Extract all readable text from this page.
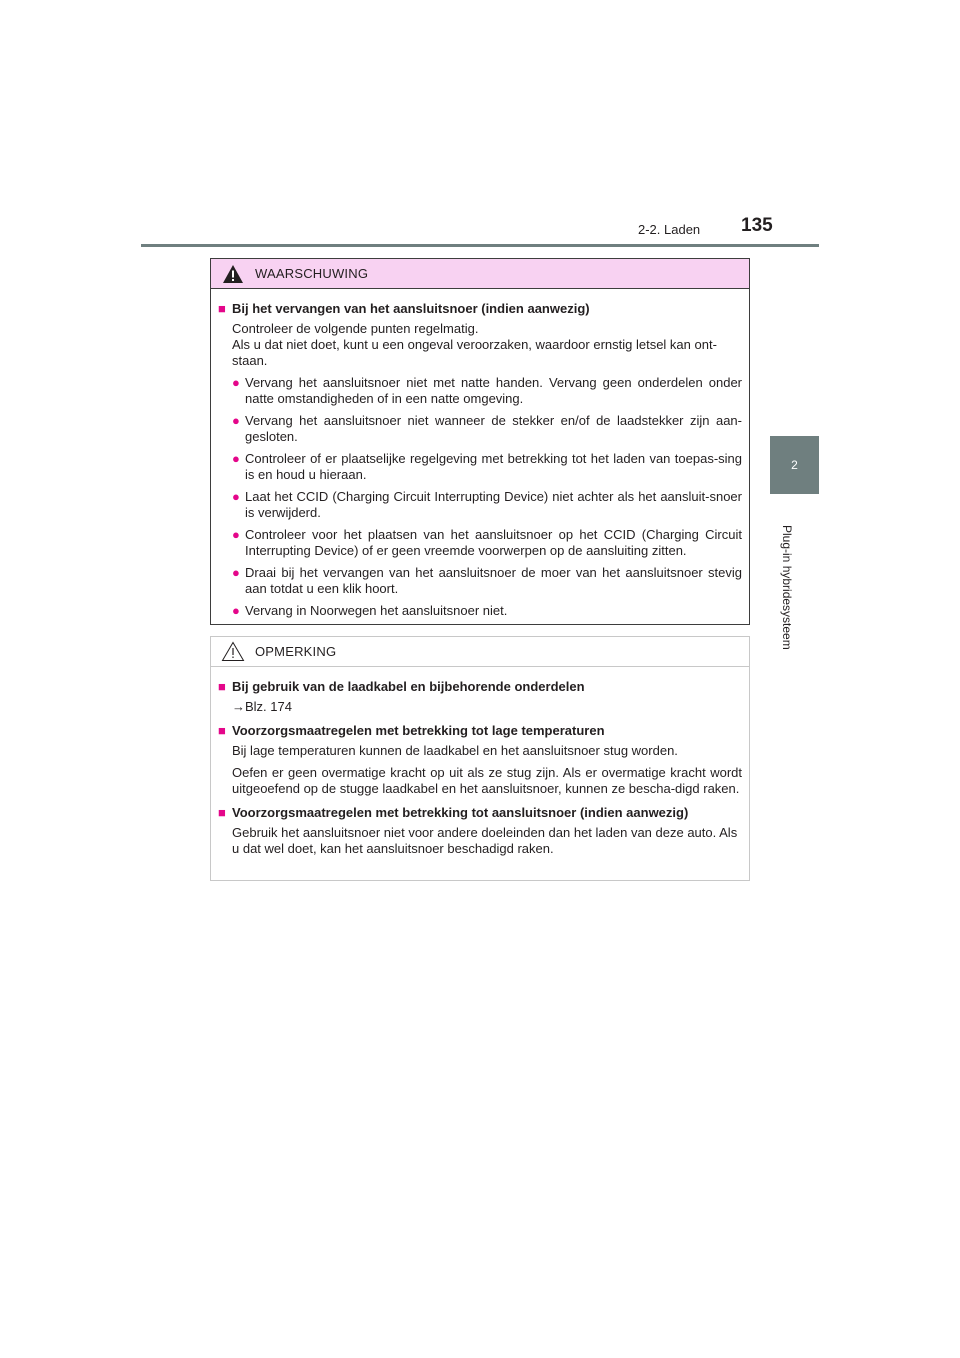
2-2. Laden 135
2
Plug-in hybridesysteem
WAARSCHUWING
■ Bij het vervangen van het aansluitsnoer (indien aanwezig)
Controleer de volgende punten regelmatig.
Als u dat niet doet, kunt u een ongeval veroorzaken, waardoor ernstig letsel kan ont-staan.
● Vervang het aansluitsnoer niet met natte handen. Vervang geen onderdelen onder natte omstandigheden of in een natte omgeving.
● Vervang het aansluitsnoer niet wanneer de stekker en/of de laadstekker zijn aan-gesloten.
● Controleer of er plaatselijke regelgeving met betrekking tot het laden van toepas-sing is en houd u hieraan.
● Laat het CCID (Charging Circuit Interrupting Device) niet achter als het aansluit-snoer is verwijderd.
● Controleer voor het plaatsen van het aansluitsnoer op het CCID (Charging Circuit Interrupting Device) of er geen vreemde voorwerpen op de aansluiting zitten.
● Draai bij het vervangen van het aansluitsnoer de moer van het aansluitsnoer stevig aan totdat u een klik hoort.
● Vervang in Noorwegen het aansluitsnoer niet.
OPMERKING
■ Bij gebruik van de laadkabel en bijbehorende onderdelen
→Blz. 174
■ Voorzorgsmaatregelen met betrekking tot lage temperaturen
Bij lage temperaturen kunnen de laadkabel en het aansluitsnoer stug worden.
Oefen er geen overmatige kracht op uit als ze stug zijn. Als er overmatige kracht wordt uitgeoefend op de stugge laadkabel en het aansluitsnoer, kunnen ze bescha-digd raken.
■ Voorzorgsmaatregelen met betrekking tot aansluitsnoer (indien aanwezig)
Gebruik het aansluitsnoer niet voor andere doeleinden dan het laden van deze auto. Als u dat wel doet, kan het aansluitsnoer beschadigd raken.
